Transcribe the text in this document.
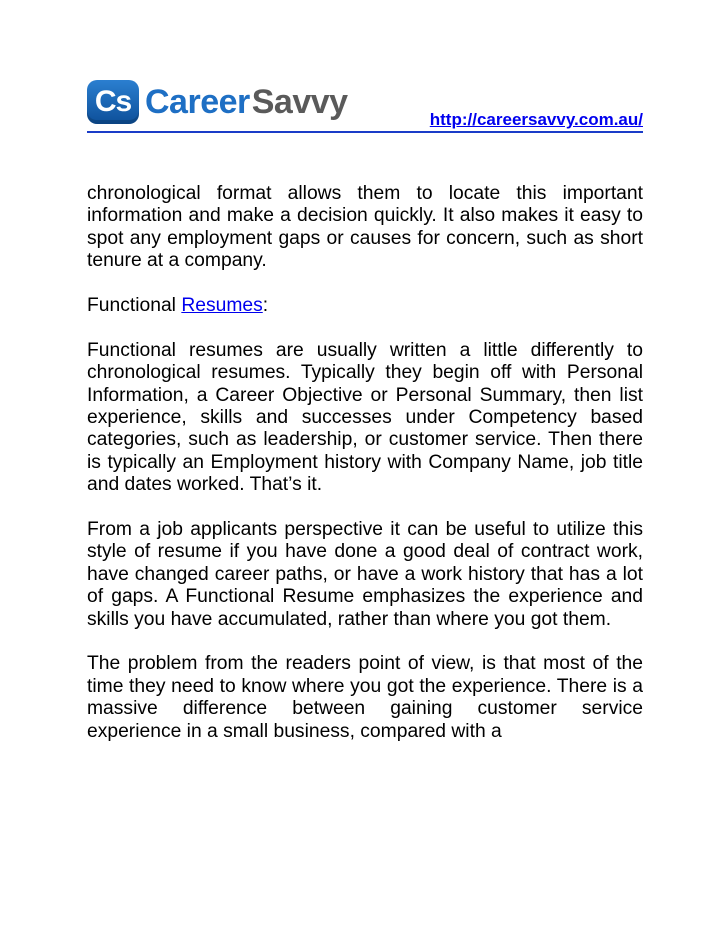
Cs Career Savvy	http://careersavvy.com.au/

chronological format allows them to locate this important information and make a decision quickly. It also makes it easy to spot any employment gaps or causes for concern, such as short tenure at a company.

Functional Resumes:

Functional resumes are usually written a little differently to chronological resumes. Typically they begin off with Personal Information, a Career Objective or Personal Summary, then list experience, skills and successes under Competency based categories, such as leadership, or customer service. Then there is typically an Employment history with Company Name, job title and dates worked. That’s it.

From a job applicants perspective it can be useful to utilize this style of resume if you have done a good deal of contract work, have changed career paths, or have a work history that has a lot of gaps. A Functional Resume emphasizes the experience and skills you have accumulated, rather than where you got them.

The problem from the readers point of view, is that most of the time they need to know where you got the experience. There is a massive difference between gaining customer service experience in a small business, compared with a
